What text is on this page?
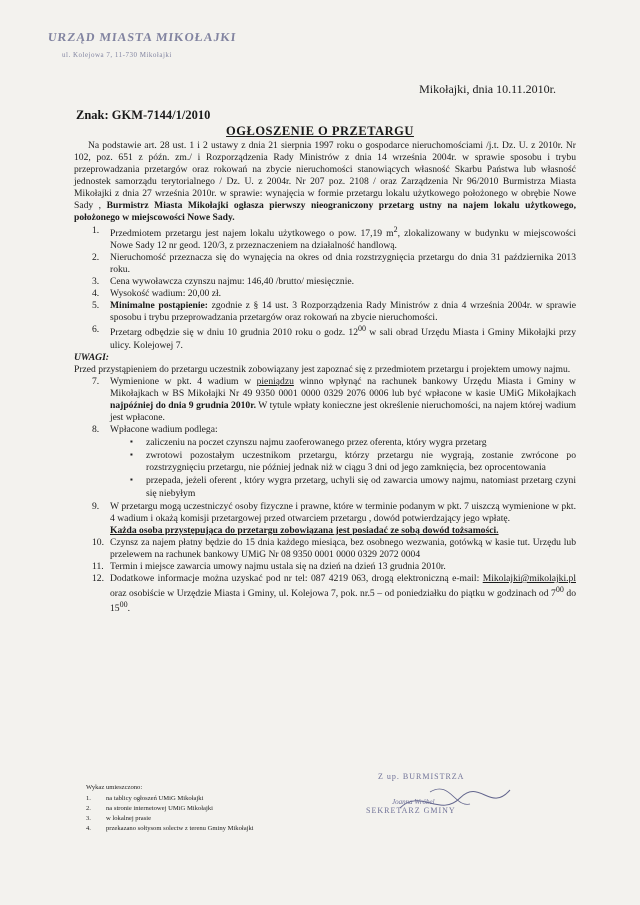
URZĄD MIASTA MIKOŁAJKI
ul. Kolejowa 7, 11-730 Mikołajki
Mikołajki, dnia 10.11.2010r.
Znak: GKM-7144/1/2010
OGŁOSZENIE O PRZETARGU

Na podstawie art. 28 ust. 1 i 2 ustawy z dnia 21 sierpnia 1997 roku o gospodarce nieruchomościami /j.t. Dz. U. z 2010r. Nr 102, poz. 651 z późn. zm./ i Rozporządzenia Rady Ministrów z dnia 14 września 2004r. w sprawie sposobu i trybu przeprowadzania przetargów oraz rokowań na zbycie nieruchomości stanowiących własność Skarbu Państwa lub własność jednostek samorządu terytorialnego / Dz. U. z 2004r. Nr 207 poz. 2108 / oraz Zarządzenia Nr 96/2010 Burmistrza Miasta Mikołajki z dnia 27 września 2010r. w sprawie: wynajęcia w formie przetargu lokalu użytkowego położonego w obrębie Nowe Sady , Burmistrz Miasta Mikołajki ogłasza pierwszy nieograniczony przetarg ustny na najem lokalu użytkowego, położonego w miejscowości Nowe Sady.

1. Przedmiotem przetargu jest najem lokalu użytkowego o pow. 17,19 $m^2$, zlokalizowany w budynku w miejscowości Nowe Sady 12 nr geod. 120/3, z przeznaczeniem na działalność handlową.
2. Nieruchomość przeznacza się do wynajęcia na okres od dnia rozstrzygnięcia przetargu do dnia 31 października 2013 roku.
3. Cena wywoławcza czynszu najmu: 146,40 /brutto/ miesięcznie.
4. Wysokość wadium: 20,00 zł.
5. Minimalne postąpienie: zgodnie z § 14 ust. 3 Rozporządzenia Rady Ministrów z dnia 4 września 2004r. w sprawie sposobu i trybu przeprowadzania przetargów oraz rokowań na zbycie nieruchomości.
6. Przetarg odbędzie się w dniu 10 grudnia 2010 roku o godz. $12^{00}$ w sali obrad Urzędu Miasta i Gminy Mikołajki przy ulicy. Kolejowej 7.

UWAGI:

Przed przystąpieniem do przetargu uczestnik zobowiązany jest zapoznać się z przedmiotem przetargu i projektem umowy najmu.

7. Wymienione w pkt. 4 wadium w pieniądzu winno wpłynąć na rachunek bankowy Urzędu Miasta i Gminy w Mikołajkach w BS Mikołajki Nr 49 9350 0001 0000 0329 2076 0006 lub być wpłacone w kasie UMiG Mikołajkach najpóźniej do dnia 9 grudnia 2010r. W tytule wpłaty konieczne jest określenie nieruchomości, na najem której wadium jest wpłacone.
8. Wpłacone wadium podlega:
▪ zaliczeniu na poczet czynszu najmu zaoferowanego przez oferenta, który wygra przetarg
▪ zwrotowi pozostałym uczestnikom przetargu, którzy przetargu nie wygrają, zostanie zwrócone po rozstrzygnięciu przetargu, nie później jednak niż w ciągu 3 dni od jego zamknięcia, bez oprocentowania
▪ przepada, jeżeli oferent , który wygra przetarg, uchyli się od zawarcia umowy najmu, natomiast przetarg czyni się niebyłym
9. W przetargu mogą uczestniczyć osoby fizyczne i prawne, które w terminie podanym w pkt. 7 uiszczą wymienione w pkt. 4 wadium i okażą komisji przetargowej przed otwarciem przetargu , dowód potwierdzający jego wpłatę.

Każda osoba przystępująca do przetargu zobowiązana jest posiadać ze sobą dowód tożsamości.

10. Czynsz za najem płatny będzie do 15 dnia każdego miesiąca, bez osobnego wezwania, gotówką w kasie tut. Urzędu lub przelewem na rachunek bankowy UMiG Nr 08 9350 0001 0000 0329 2072 0004
11. Termin i miejsce zawarcia umowy najmu ustala się na dzień na dzień 13 grudnia 2010r.
12. Dodatkowe informacje można uzyskać pod nr tel: 087 4219 063, drogą elektroniczną e-mail: Mikolajki@mikolajki.pl oraz osobiście w Urzędzie Miasta i Gminy, ul. Kolejowa 7, pok. nr.5 – od poniedziałku do piątku w godzinach od $7^{00}$ do $15^{00}$.
Wykaz umieszczono:
1. na tablicy ogłoszeń UMiG Mikołajki
2. na stronie internetowej UMiG Mikołajki
3. w lokalnej prasie
4. przekazano sołtysom solectw z terenu Gminy Mikołajki
Z up. BURMISTRZA
Joanna Wróbel
SEKRETARZ GMINY
